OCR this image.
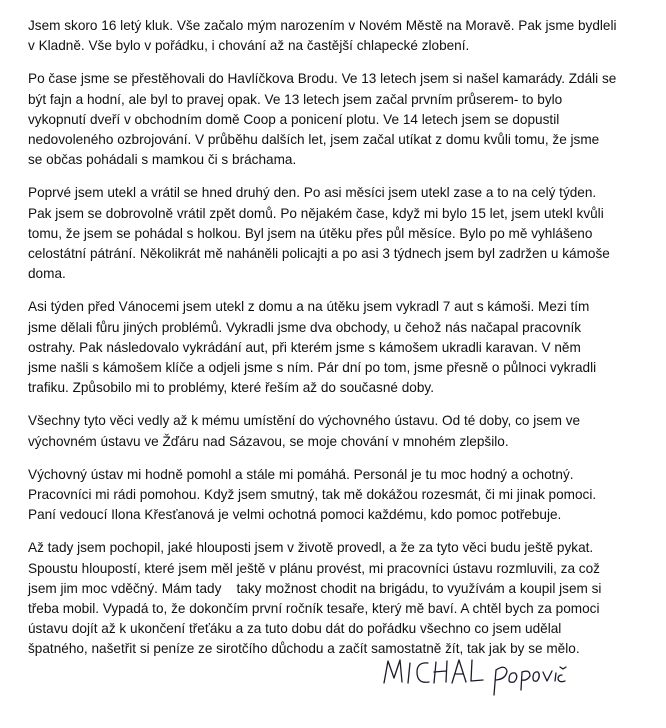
Jsem skoro 16 letý kluk. Vše začalo mým narozením v Novém Městě na Moravě. Pak jsme bydleli
v Kladně. Vše bylo v pořádku, i chování až na častější chlapecké zlobení.

Po čase jsme se přestěhovali do Havlíčkova Brodu. Ve 13 letech jsem si našel kamarády. Zdáli se
být fajn a hodní, ale byl to pravej opak. Ve 13 letech jsem začal prvním průserem- to bylo
vykopnutí dveří v obchodním domě Coop a ponicení plotu. Ve 14 letech jsem se dopustil
nedovoleného ozbrojování. V průběhu dalších let, jsem začal utíkat z domu kvůli tomu, že jsme
se občas pohádali s mamkou či s bráchama.

Poprvé jsem utekl a vrátil se hned druhý den. Po asi měsíci jsem utekl zase a to na celý týden.
Pak jsem se dobrovolně vrátil zpět domů. Po nějakém čase, když mi bylo 15 let, jsem utekl kvůli
tomu, že jsem se pohádal s holkou. Byl jsem na útěku přes půl měsíce. Bylo po mě vyhlášeno
celostátní pátrání. Několikrát mě naháněli policajti a po asi 3 týdnech jsem byl zadržen u kámoše
doma.

Asi týden před Vánocemi jsem utekl z domu a na útěku jsem vykradl 7 aut s kámoši. Mezi tím
jsme dělali fůru jiných problémů. Vykradli jsme dva obchody, u čehož nás načapal pracovník
ostrahy. Pak následovalo vykrádání aut, při kterém jsme s kámošem ukradli karavan. V něm
jsme našli s kámošem klíče a odjeli jsme s ním. Pár dní po tom, jsme přesně o půlnoci vykradli
trafiku. Způsobilo mi to problémy, které řeším až do současné doby.

Všechny tyto věci vedly až k mému umístění do výchovného ústavu. Od té doby, co jsem ve
výchovném ústavu ve Žďáru nad Sázavou, se moje chování v mnohém zlepšilo.

Výchovný ústav mi hodně pomohl a stále mi pomáhá. Personál je tu moc hodný a ochotný.
Pracovníci mi rádi pomohou. Když jsem smutný, tak mě dokážou rozesmát, či mi jinak pomoci.
Paní vedoucí Ilona Křesťanová je velmi ochotná pomoci každému, kdo pomoc potřebuje.

Až tady jsem pochopil, jaké hlouposti jsem v životě provedl, a že za tyto věci budu ještě pykat.
Spoustu hloupostí, které jsem měl ještě v plánu provést, mi pracovníci ústavu rozmluvili, za což
jsem jim moc vděčný. Mám tady    taky možnost chodit na brigádu, to využívám a koupil jsem si
třeba mobil. Vypadá to, že dokončím první ročník tesaře, který mě baví. A chtěl bych za pomoci
ústavu dojít až k ukončení třeťáku a za tuto dobu dát do pořádku všechno co jsem udělal
špatného, našetřit si peníze ze sirotčího důchodu a začít samostatně žít, tak jak by se mělo.
